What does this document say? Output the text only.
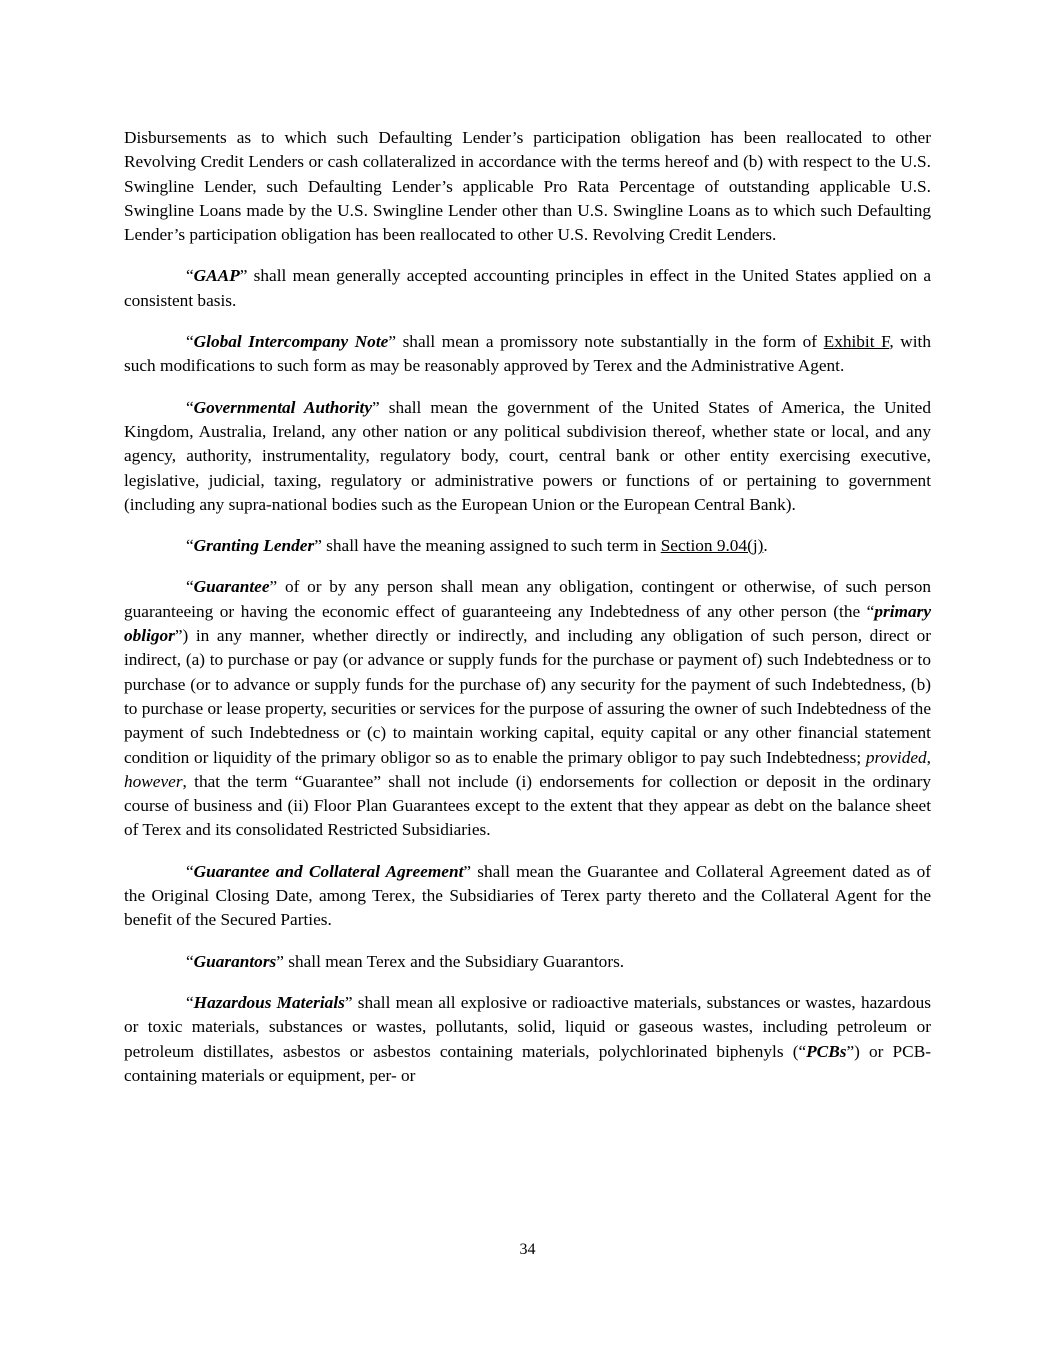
Disbursements as to which such Defaulting Lender’s participation obligation has been reallocated to other Revolving Credit Lenders or cash collateralized in accordance with the terms hereof and (b) with respect to the U.S. Swingline Lender, such Defaulting Lender’s applicable Pro Rata Percentage of outstanding applicable U.S. Swingline Loans made by the U.S. Swingline Lender other than U.S. Swingline Loans as to which such Defaulting Lender’s participation obligation has been reallocated to other U.S. Revolving Credit Lenders.

“GAAP” shall mean generally accepted accounting principles in effect in the United States applied on a consistent basis.

“Global Intercompany Note” shall mean a promissory note substantially in the form of Exhibit F, with such modifications to such form as may be reasonably approved by Terex and the Administrative Agent.

“Governmental Authority” shall mean the government of the United States of America, the United Kingdom, Australia, Ireland, any other nation or any political subdivision thereof, whether state or local, and any agency, authority, instrumentality, regulatory body, court, central bank or other entity exercising executive, legislative, judicial, taxing, regulatory or administrative powers or functions of or pertaining to government (including any supra-national bodies such as the European Union or the European Central Bank).

“Granting Lender” shall have the meaning assigned to such term in Section 9.04(j).

“Guarantee” of or by any person shall mean any obligation, contingent or otherwise, of such person guaranteeing or having the economic effect of guaranteeing any Indebtedness of any other person (the “primary obligor”) in any manner, whether directly or indirectly, and including any obligation of such person, direct or indirect, (a) to purchase or pay (or advance or supply funds for the purchase or payment of) such Indebtedness or to purchase (or to advance or supply funds for the purchase of) any security for the payment of such Indebtedness, (b) to purchase or lease property, securities or services for the purpose of assuring the owner of such Indebtedness of the payment of such Indebtedness or (c) to maintain working capital, equity capital or any other financial statement condition or liquidity of the primary obligor so as to enable the primary obligor to pay such Indebtedness; provided, however, that the term “Guarantee” shall not include (i) endorsements for collection or deposit in the ordinary course of business and (ii) Floor Plan Guarantees except to the extent that they appear as debt on the balance sheet of Terex and its consolidated Restricted Subsidiaries.

“Guarantee and Collateral Agreement” shall mean the Guarantee and Collateral Agreement dated as of the Original Closing Date, among Terex, the Subsidiaries of Terex party thereto and the Collateral Agent for the benefit of the Secured Parties.

“Guarantors” shall mean Terex and the Subsidiary Guarantors.

“Hazardous Materials” shall mean all explosive or radioactive materials, substances or wastes, hazardous or toxic materials, substances or wastes, pollutants, solid, liquid or gaseous wastes, including petroleum or petroleum distillates, asbestos or asbestos containing materials, polychlorinated biphenyls (“PCBs”) or PCB-containing materials or equipment, per- or

34
